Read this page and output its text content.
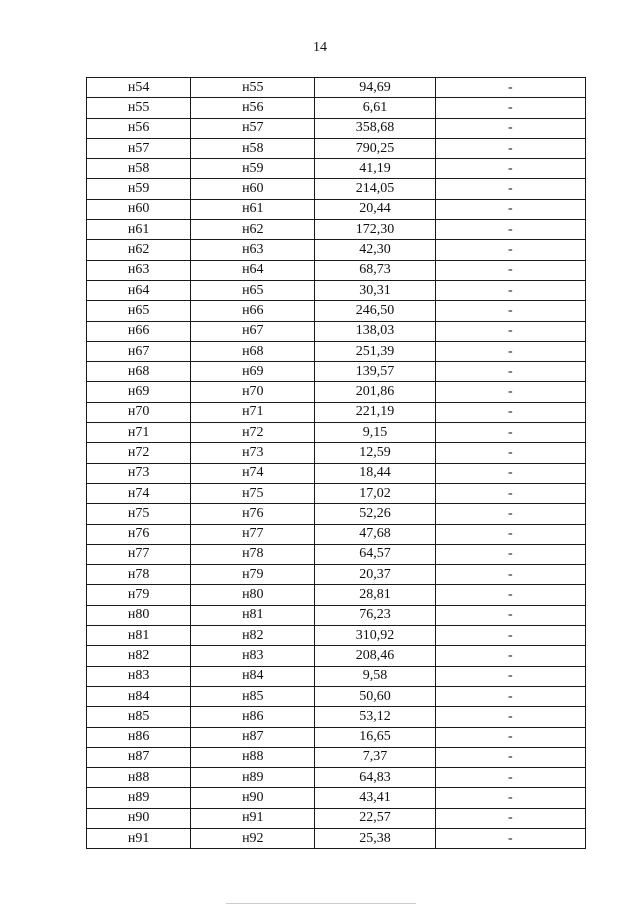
14
н54	н55	94,69	-
н55	н56	6,61	-
н56	н57	358,68	-
н57	н58	790,25	-
н58	н59	41,19	-
н59	н60	214,05	-
н60	н61	20,44	-
н61	н62	172,30	-
н62	н63	42,30	-
н63	н64	68,73	-
н64	н65	30,31	-
н65	н66	246,50	-
н66	н67	138,03	-
н67	н68	251,39	-
н68	н69	139,57	-
н69	н70	201,86	-
н70	н71	221,19	-
н71	н72	9,15	-
н72	н73	12,59	-
н73	н74	18,44	-
н74	н75	17,02	-
н75	н76	52,26	-
н76	н77	47,68	-
н77	н78	64,57	-
н78	н79	20,37	-
н79	н80	28,81	-
н80	н81	76,23	-
н81	н82	310,92	-
н82	н83	208,46	-
н83	н84	9,58	-
н84	н85	50,60	-
н85	н86	53,12	-
н86	н87	16,65	-
н87	н88	7,37	-
н88	н89	64,83	-
н89	н90	43,41	-
н90	н91	22,57	-
н91	н92	25,38	-
